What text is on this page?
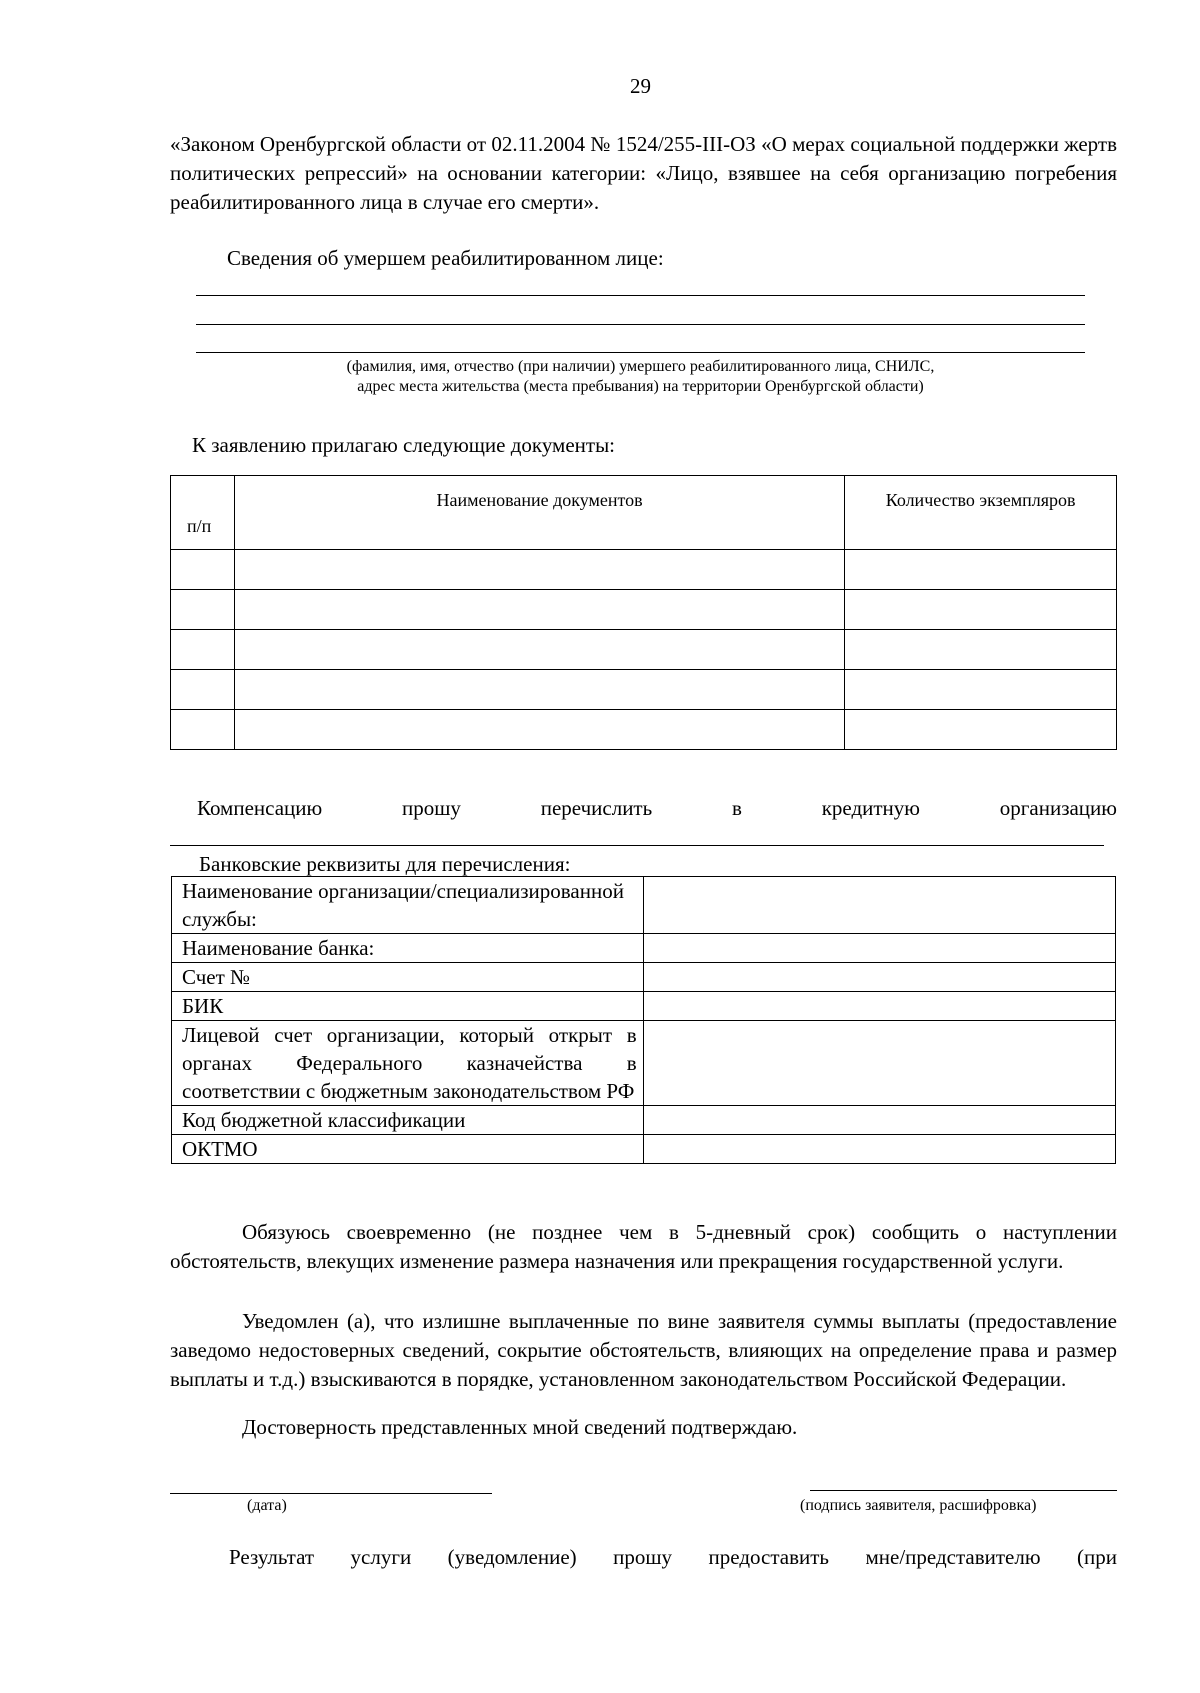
29
«Законом Оренбургской области от 02.11.2004 № 1524/255-III-ОЗ «О мерах социальной поддержки жертв политических репрессий» на основании категории: «Лицо, взявшее на себя организацию погребения реабилитированного лица в случае его смерти».
Сведения об умершем реабилитированном лице:
(фамилия, имя, отчество (при наличии) умершего реабилитированного лица, СНИЛС,
адрес места жительства (места пребывания) на территории Оренбургской области)
К заявлению прилагаю следующие документы:
п/п	Наименование документов	Количество экземпляров

Компенсацию	прошу	перечислить	в	кредитную	организацию
Банковские реквизиты для перечисления:
Наименование организации/специализированной службы:	
Наименование банка:	
Счет №	
БИК	
Лицевой счет организации, который открыт в органах Федерального казначейства в соответствии с бюджетным законодательством РФ	
Код бюджетной классификации	
ОКТМО	
Обязуюсь своевременно (не позднее чем в 5-дневный срок) сообщить о наступлении обстоятельств, влекущих изменение размера назначения или прекращения государственной услуги.
Уведомлен (а), что излишне выплаченные по вине заявителя суммы выплаты (предоставление заведомо недостоверных сведений, сокрытие обстоятельств, влияющих на определение права и размер выплаты и т.д.) взыскиваются в порядке, установленном законодательством Российской Федерации.
Достоверность представленных мной сведений подтверждаю.
(дата)	(подпись заявителя, расшифровка)
Результат услуги (уведомление) прошу предоставить мне/представителю (при
